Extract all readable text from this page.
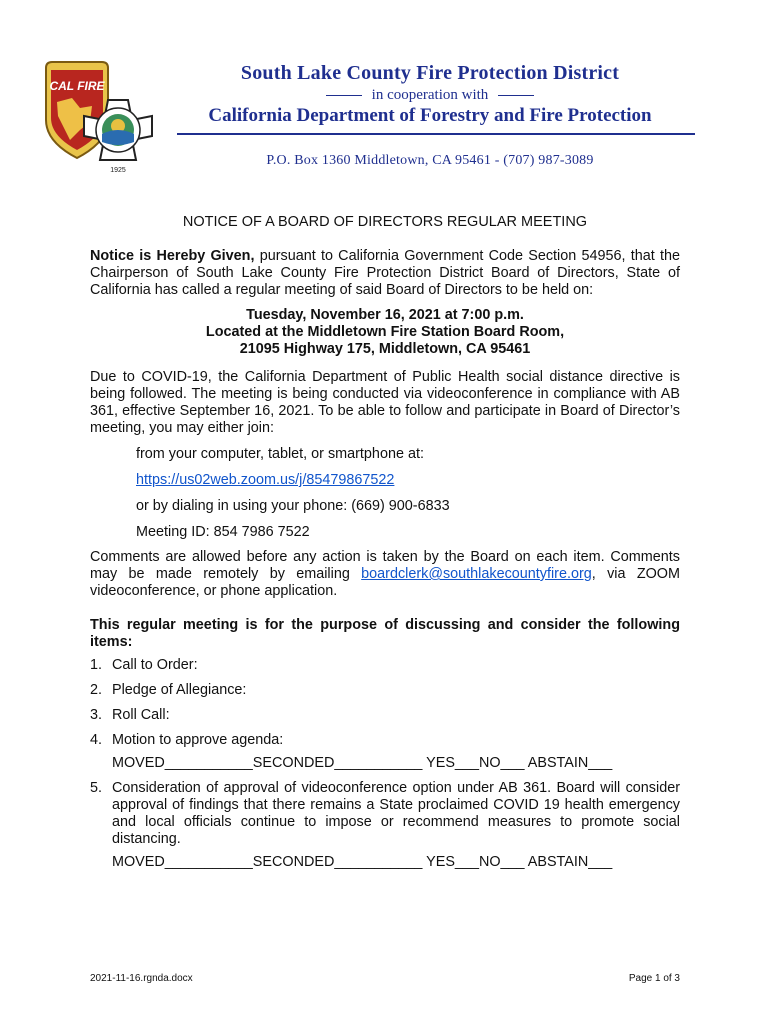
CAL FIRE
1925
South Lake County Fire Protection District
in cooperation with
California Department of Forestry and Fire Protection
P.O. Box 1360 Middletown, CA 95461 - (707) 987-3089
NOTICE OF A BOARD OF DIRECTORS REGULAR MEETING

Notice is Hereby Given, pursuant to California Government Code Section 54956, that the Chairperson of South Lake County Fire Protection District Board of Directors, State of California has called a regular meeting of said Board of Directors to be held on:

Tuesday, November 16, 2021 at 7:00 p.m.
Located at the Middletown Fire Station Board Room,
21095 Highway 175, Middletown, CA 95461

Due to COVID-19, the California Department of Public Health social distance directive is being followed. The meeting is being conducted via videoconference in compliance with AB 361, effective September 16, 2021. To be able to follow and participate in Board of Director’s meeting, you may either join:

from your computer, tablet, or smartphone at:
https://us02web.zoom.us/j/85479867522
or by dialing in using your phone: (669) 900-6833
Meeting ID: 854 7986 7522

Comments are allowed before any action is taken by the Board on each item. Comments may be made remotely by emailing boardclerk@southlakecountyfire.org, via ZOOM videoconference, or phone application.

This regular meeting is for the purpose of discussing and consider the following items:

1. Call to Order:
2. Pledge of Allegiance:
3. Roll Call:
4. Motion to approve agenda:
MOVED___________SECONDED___________ YES___NO___ ABSTAIN___
5. Consideration of approval of videoconference option under AB 361. Board will consider approval of findings that there remains a State proclaimed COVID 19 health emergency and local officials continue to impose or recommend measures to promote social distancing.
MOVED___________SECONDED___________ YES___NO___ ABSTAIN___
2021-11-16.rgnda.docx	Page 1 of 3
